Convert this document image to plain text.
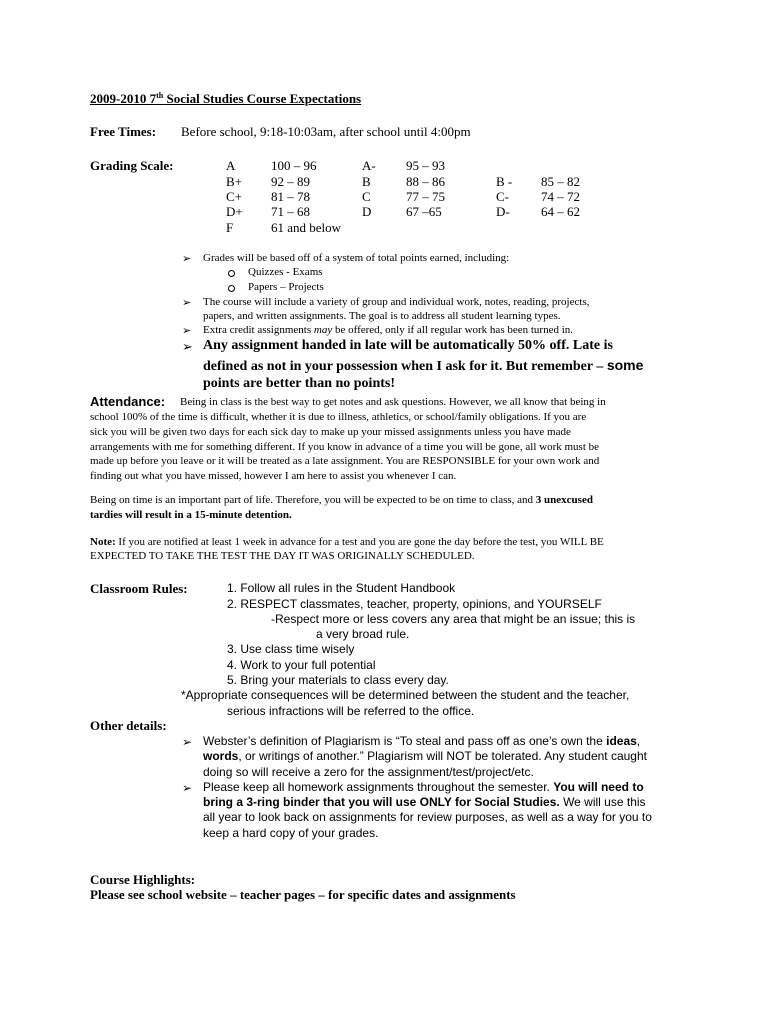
2009-2010 7th Social Studies Course Expectations
Free Times: Before school, 9:18-10:03am, after school until 4:00pm
Grading Scale:	A	100 – 96	A- 95 – 93
B+ 92 – 89	B	88 – 86	B - 85 – 82
C+ 81 – 78	C	77 – 75	C- 74 – 72
D+ 71 – 68	D	67 –65	D- 64 – 62
F	61 and below
➢ Grades will be based off of a system of total points earned, including:
Quizzes - Exams
Papers – Projects
➢ The course will include a variety of group and individual work, notes, reading, projects,
papers, and written assignments. The goal is to address all student learning types.
➢ Extra credit assignments may be offered, only if all regular work has been turned in.
➢ Any assignment handed in late will be automatically 50% off. Late is
defined as not in your possession when I ask for it. But remember – some
points are better than no points!
Attendance: Being in class is the best way to get notes and ask questions. However, we all know that being in
school 100% of the time is difficult, whether it is due to illness, athletics, or school/family obligations. If you are
sick you will be given two days for each sick day to make up your missed assignments unless you have made
arrangements with me for something different. If you know in advance of a time you will be gone, all work must be
made up before you leave or it will be treated as a late assignment. You are RESPONSIBLE for your own work and
finding out what you have missed, however I am here to assist you whenever I can.
Being on time is an important part of life. Therefore, you will be expected to be on time to class, and 3 unexcused
tardies will result in a 15-minute detention.
Note: If you are notified at least 1 week in advance for a test and you are gone the day before the test, you WILL BE
EXPECTED TO TAKE THE TEST THE DAY IT WAS ORIGINALLY SCHEDULED.
Classroom Rules:	1. Follow all rules in the Student Handbook
2. RESPECT classmates, teacher, property, opinions, and YOURSELF
-Respect more or less covers any area that might be an issue; this is
a very broad rule.
3. Use class time wisely
4. Work to your full potential
5. Bring your materials to class every day.
*Appropriate consequences will be determined between the student and the teacher,
serious infractions will be referred to the office.
Other details:
➢ Webster’s definition of Plagiarism is “To steal and pass off as one’s own the ideas,
words, or writings of another.” Plagiarism will NOT be tolerated. Any student caught
doing so will receive a zero for the assignment/test/project/etc.
➢ Please keep all homework assignments throughout the semester. You will need to
bring a 3-ring binder that you will use ONLY for Social Studies. We will use this
all year to look back on assignments for review purposes, as well as a way for you to
keep a hard copy of your grades.
Course Highlights:
Please see school website – teacher pages – for specific dates and assignments
